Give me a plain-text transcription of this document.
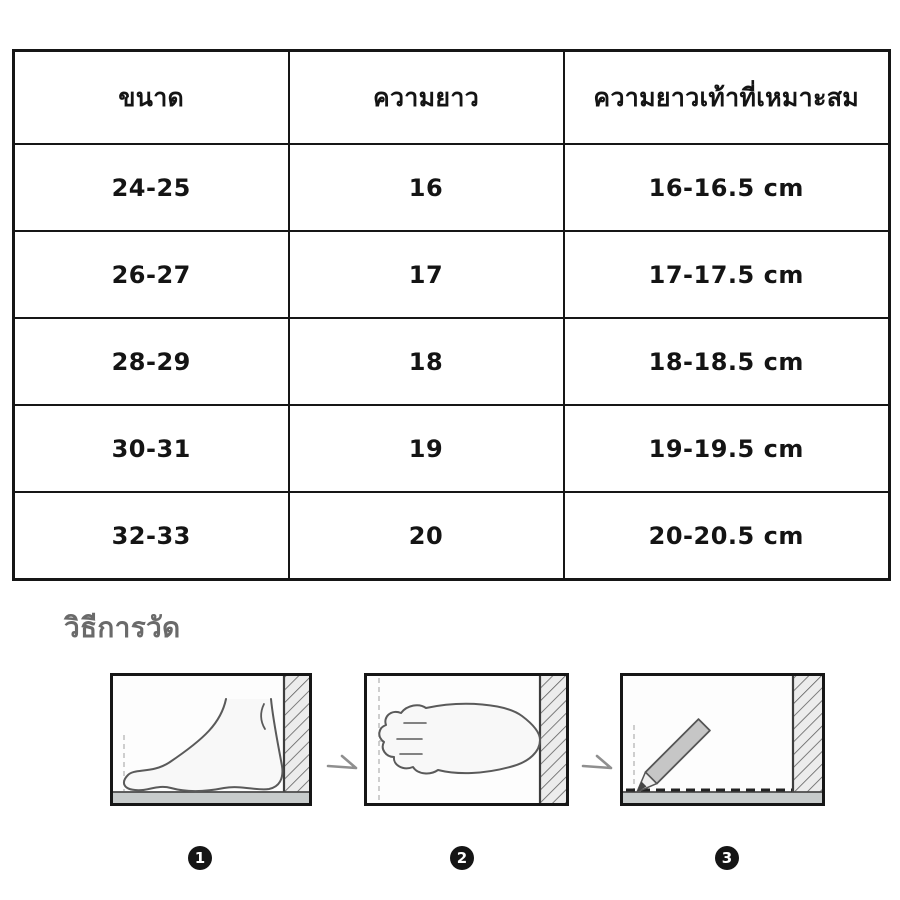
ขนาด	ความยาว	ความยาวเท้าที่เหมาะสม
24-25	16	16-16.5 cm
26-27	17	17-17.5 cm
28-29	18	18-18.5 cm
30-31	19	19-19.5 cm
32-33	20	20-20.5 cm
วิธีการวัด
1	2	3
